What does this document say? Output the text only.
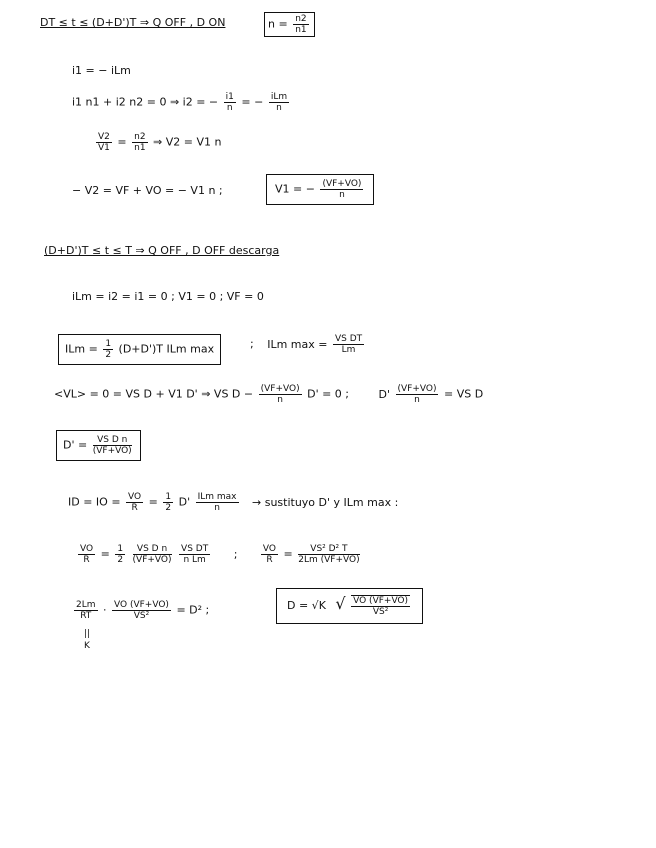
DT ≤ t ≤ (D+D')T ⇒ Q OFF , D ON	$n = \frac{n2}{n1}$
i1 = − iLm
i1 n1 + i2 n2 = 0 ⇒ i2 = − $\frac{i1}{n}$ = − $\frac{\text{iLm}}{n}$
$\frac{V2}{V1} = \frac{n2}{n1}$ ⇒ V2 = V1 n
− V2 = VF + VO = − V1 n ;	V1 = − $\frac{(VF+VO)}{n}$
(D+D')T ≤ t ≤ T ⇒ Q OFF , D OFF descarga
iLm = i2 = i1 = 0 ; V1 = 0 ; VF = 0
ILm = $\frac{1}{2} (D+D')T$ ILm max	; ILm $\max = \frac{\text{VS DT}}{Lm}$
<VL> = 0 = VS D + V1 D' ⇒ VS $D - \frac{(VF+VO)}{n} D' = 0$ ;	$D' \frac{(VF+VO)}{n}$ = VS D
$D' = \frac{\text{VS D n}}{(VF+VO)}$
ID = IO = $\frac{VO}{R} = \frac{1}{2} D' \frac{\text{ILm max}}{n}$ → sustituyo D' y ILm max :
$\frac{VO}{R} = \frac{1}{2}$
$\frac{\text{VS D n}}{(VF+VO)}$
$\frac{\text{VS DT}}{\text{n Lm}}$ ;	$\frac{VO}{R} = \frac{\text{VS² D² T}}{2Lm (VF+VO)}$
$\frac{2Lm}{RT} \cdot \frac{VO (VF+VO)}{\text{VS²}} = D^2$ ;
||
K
D = √K √ $\frac{VO (VF+VO)}{\text{VS²}}$
